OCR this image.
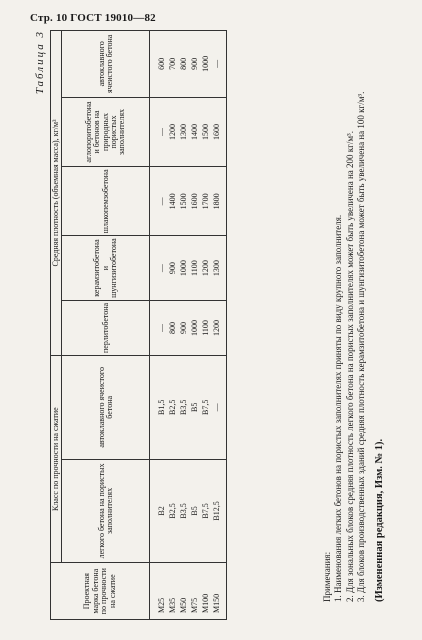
Стр. 10 ГОСТ 19010—82
Таблица 3
Проектная марка бетона по прочности на сжатие	Класс по прочности на сжатие		Средняя плотность (объемная масса), кг/м³				
	легкого бетона на пористых заполнителях	автоклавного ячеистого бетона	перлитобетона	керамзитобетона и шунгизитобетона	шлакопемзобетона	аглопоритобетона и бетонов на природных пористых заполнителях	автоклавного ячеистого бетона
М25	В2	B1,5	—	—	—	—	600
М35	В2,5	В2,5	800	900	1400	1200	700
М50	В3,5	В3,5	900	1000	1500	1300	800
М75	В5	В5	1000	1100	1600	1400	900
М100	В7,5	В7,5	1100	1200	1700	1500	1000
М150	В12,5	—	1200	1300	1800	1600	—

Примечания: 1. Наименования легких бетонов на пористых заполнителях приняты по виду крупного заполнителя. 2. Для зональных блоков средняя плотность легкого бетона на пористых заполнителях может быть увеличена на 200 кг/м³. 3. Для блоков производственных зданий средняя плотность керамзитобетона и шунгизитобетона может быть увеличена на 100 кг/м³. (Измененная редакция, Изм. № 1).
